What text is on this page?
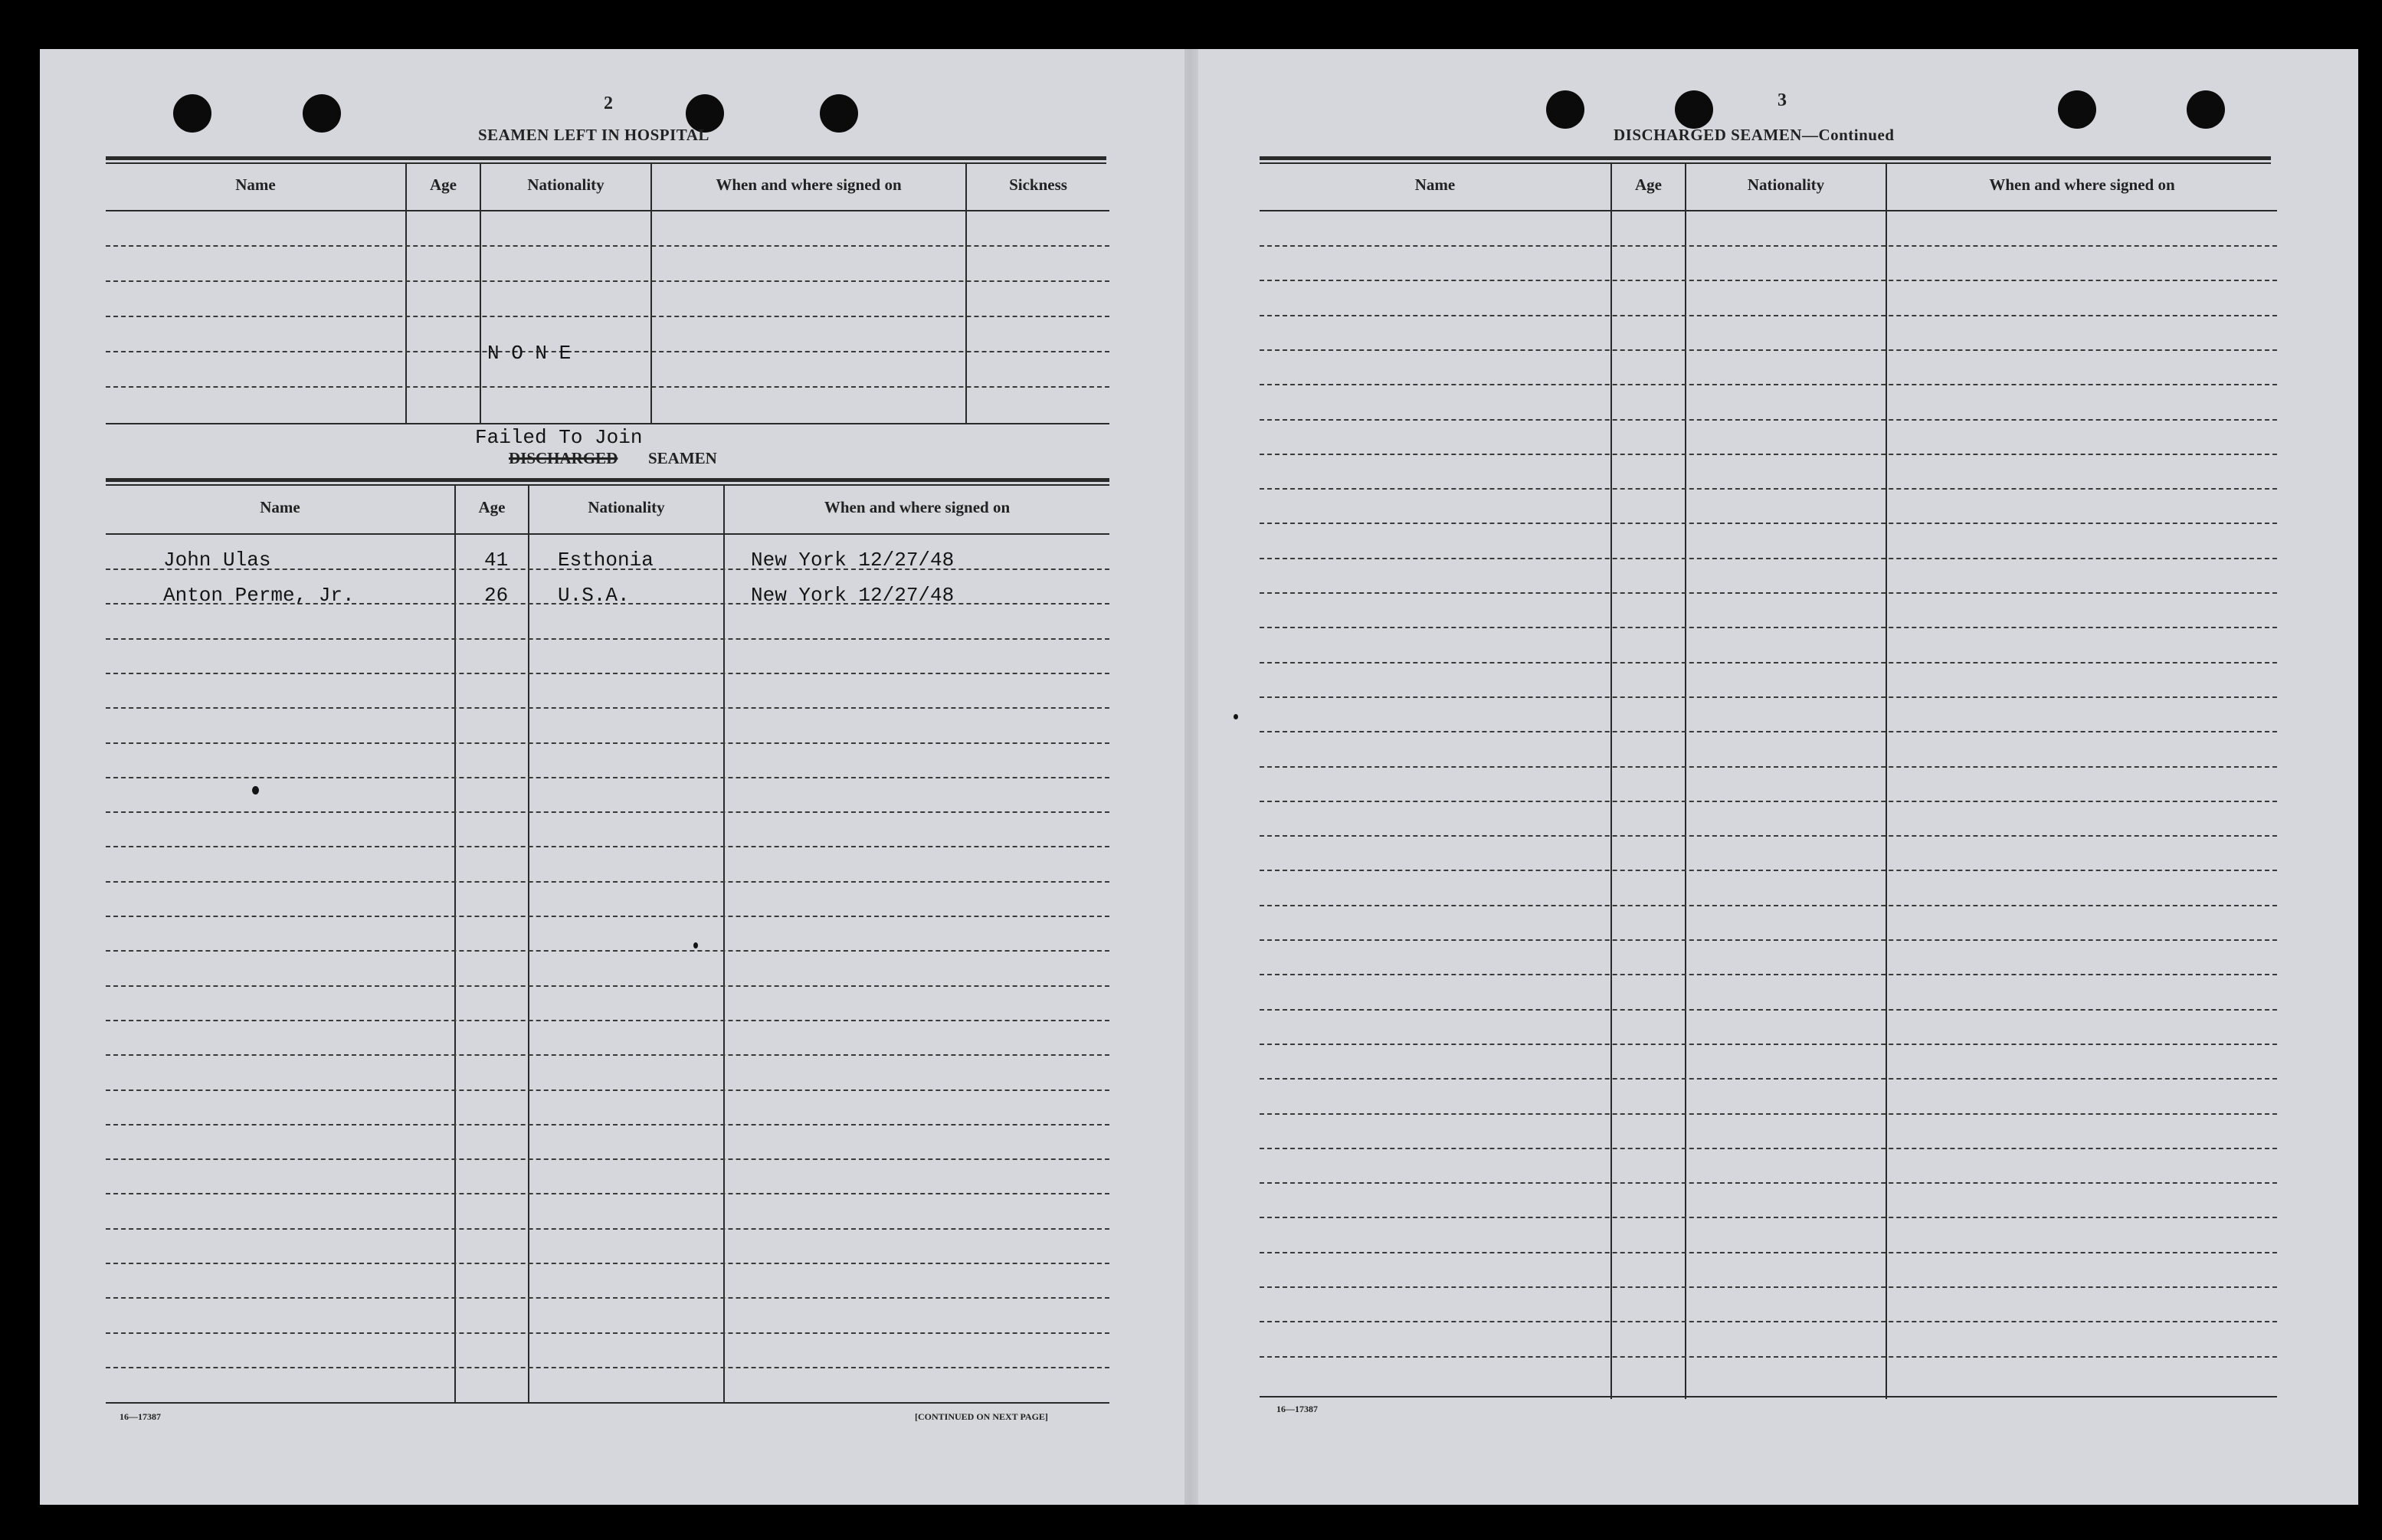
2
SEAMEN LEFT IN HOSPITAL
Name	Age	Nationality	When and where signed on	Sickness
N O N E
Failed To Join
DISCHARGED SEAMEN
Name	Age	Nationality	When and where signed on
John Ulas	41 Esthonia	New York 12/27/48
Anton Perme, Jr.	26 U.S.A.	New York 12/27/48
16—17387	[CONTINUED ON NEXT PAGE]
3
DISCHARGED SEAMEN—Continued
Name	Age	Nationality	When and where signed on
16—17387
